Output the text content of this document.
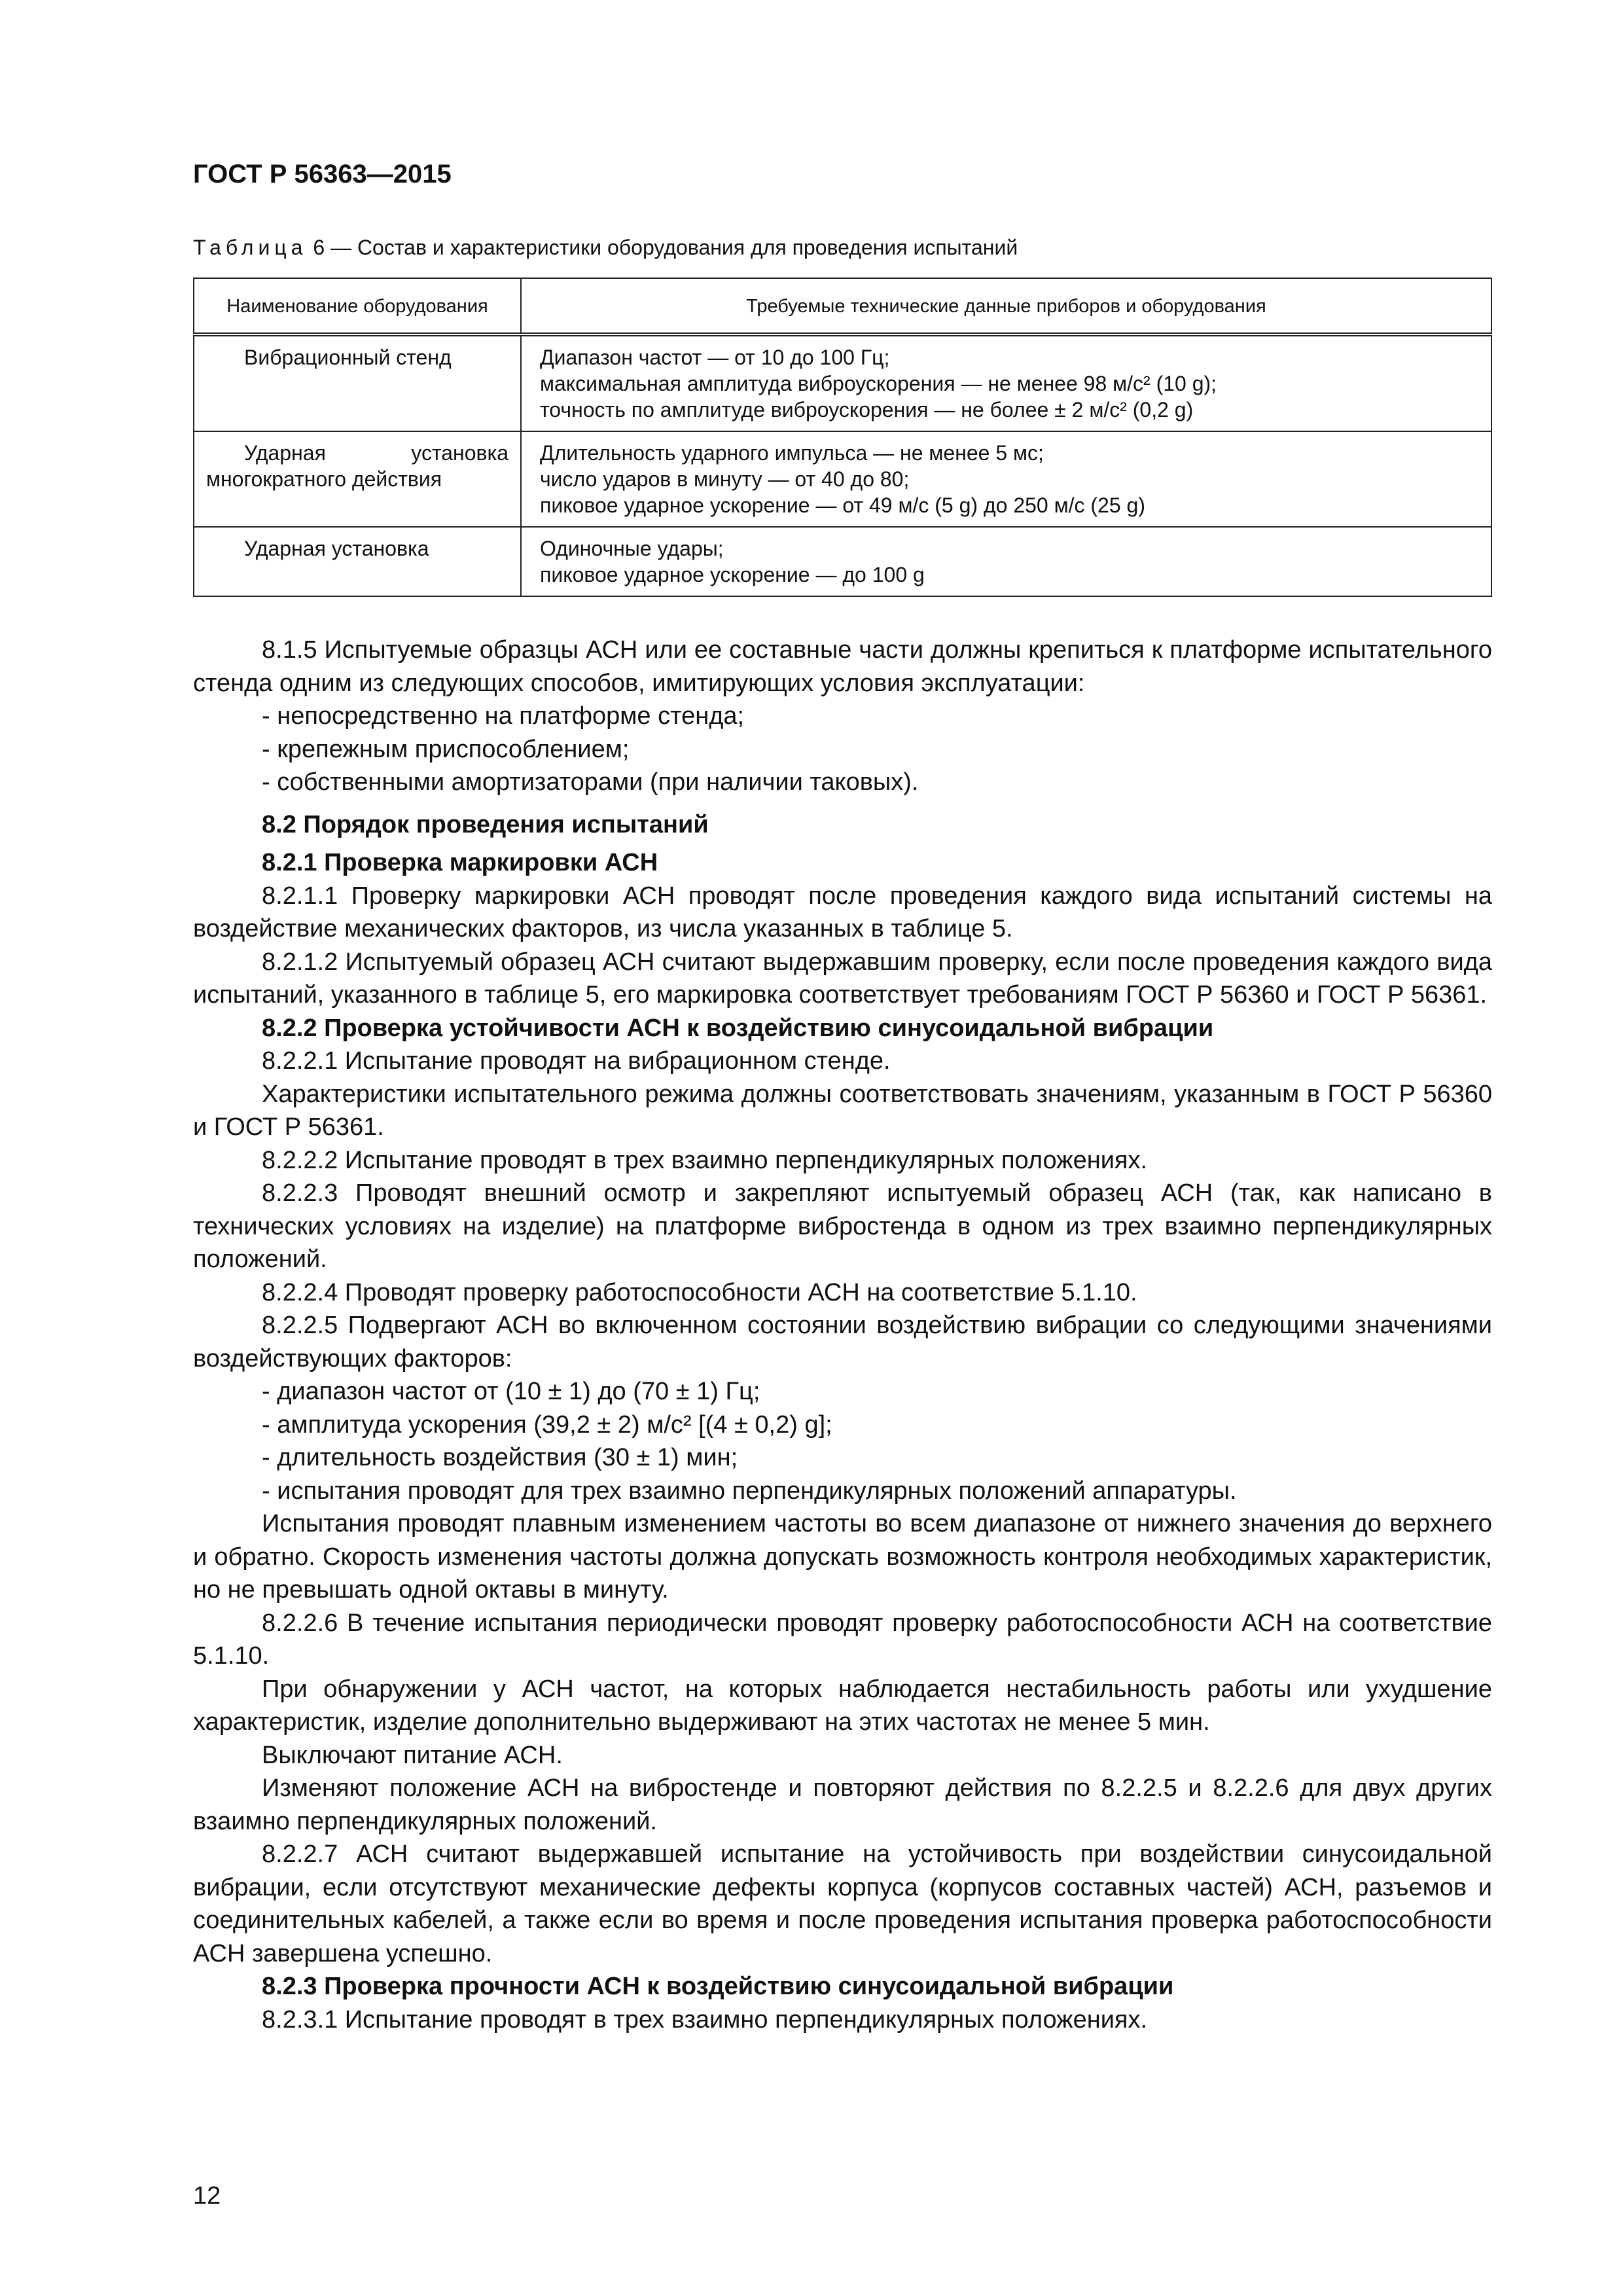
ГОСТ Р 56363—2015
Таблица 6 — Состав и характеристики оборудования для проведения испытаний
Наименование оборудования	Требуемые технические данные приборов и оборудования
Вибрационный стенд	Диапазон частот — от 10 до 100 Гц;
максимальная амплитуда виброускорения — не менее 98 м/с² (10 g);
точность по амплитуде виброускорения — не более ± 2 м/с² (0,2 g)

Ударная установка многократного действия	Длительность ударного импульса — не менее 5 мс;
число ударов в минуту — от 40 до 80;
пиковое ударное ускорение — от 49 м/с (5 g) до 250 м/с (25 g)

Ударная установка	Одиночные удары;
пиковое ударное ускорение — до 100 g

8.1.5 Испытуемые образцы АСН или ее составные части должны крепиться к платформе испытательного стенда одним из следующих способов, имитирующих условия эксплуатации:

- непосредственно на платформе стенда;

- крепежным приспособлением;

- собственными амортизаторами (при наличии таковых).

8.2 Порядок проведения испытаний

8.2.1 Проверка маркировки АСН

8.2.1.1 Проверку маркировки АСН проводят после проведения каждого вида испытаний системы на воздействие механических факторов, из числа указанных в таблице 5.

8.2.1.2 Испытуемый образец АСН считают выдержавшим проверку, если после проведения каждого вида испытаний, указанного в таблице 5, его маркировка соответствует требованиям ГОСТ Р 56360 и ГОСТ Р 56361.

8.2.2 Проверка устойчивости АСН к воздействию синусоидальной вибрации

8.2.2.1 Испытание проводят на вибрационном стенде.

Характеристики испытательного режима должны соответствовать значениям, указанным в ГОСТ Р 56360 и ГОСТ Р 56361.

8.2.2.2 Испытание проводят в трех взаимно перпендикулярных положениях.

8.2.2.3 Проводят внешний осмотр и закрепляют испытуемый образец АСН (так, как написано в технических условиях на изделие) на платформе вибростенда в одном из трех взаимно перпендикулярных положений.

8.2.2.4 Проводят проверку работоспособности АСН на соответствие 5.1.10.

8.2.2.5 Подвергают АСН во включенном состоянии воздействию вибрации со следующими значениями воздействующих факторов:

- диапазон частот от (10 ± 1) до (70 ± 1) Гц;

- амплитуда ускорения (39,2 ± 2) м/с² [(4 ± 0,2) g];

- длительность воздействия (30 ± 1) мин;

- испытания проводят для трех взаимно перпендикулярных положений аппаратуры.

Испытания проводят плавным изменением частоты во всем диапазоне от нижнего значения до верхнего и обратно. Скорость изменения частоты должна допускать возможность контроля необходимых характеристик, но не превышать одной октавы в минуту.

8.2.2.6 В течение испытания периодически проводят проверку работоспособности АСН на соответствие 5.1.10.

При обнаружении у АСН частот, на которых наблюдается нестабильность работы или ухудшение характеристик, изделие дополнительно выдерживают на этих частотах не менее 5 мин.

Выключают питание АСН.

Изменяют положение АСН на вибростенде и повторяют действия по 8.2.2.5 и 8.2.2.6 для двух других взаимно перпендикулярных положений.

8.2.2.7 АСН считают выдержавшей испытание на устойчивость при воздействии синусоидальной вибрации, если отсутствуют механические дефекты корпуса (корпусов составных частей) АСН, разъемов и соединительных кабелей, а также если во время и после проведения испытания проверка работоспособности АСН завершена успешно.

8.2.3 Проверка прочности АСН к воздействию синусоидальной вибрации

8.2.3.1 Испытание проводят в трех взаимно перпендикулярных положениях.

12
